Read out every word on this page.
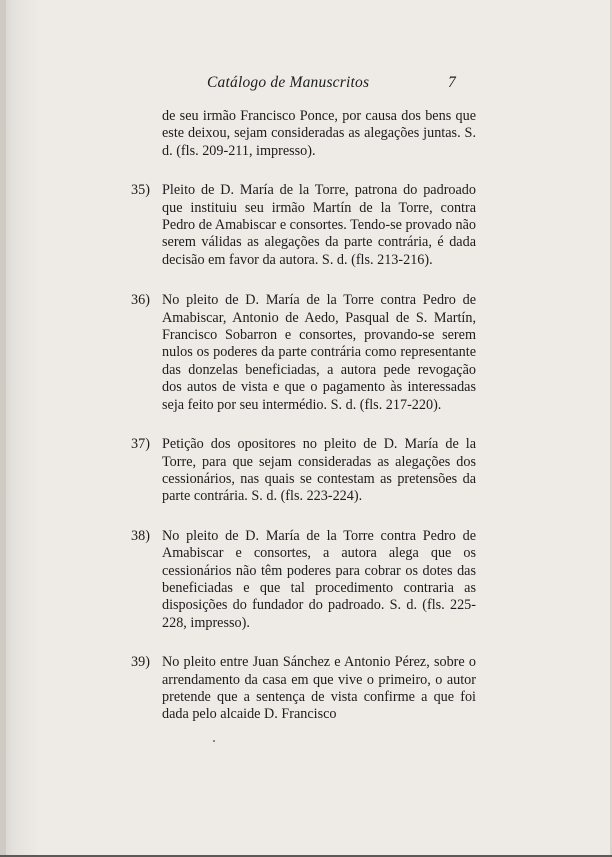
Catálogo de Manuscritos	7

de seu irmão Francisco Ponce, por causa dos bens que este deixou, sejam consideradas as alegações juntas. S. d. (fls. 209-211, impresso).

35) Pleito de D. María de la Torre, patrona do padroado que instituiu seu irmão Martín de la Torre, contra Pedro de Amabiscar e consortes. Tendo-se provado não serem válidas as alegações da parte contrária, é dada decisão em favor da autora. S. d. (fls. 213-216).

36) No pleito de D. María de la Torre contra Pedro de Amabiscar, Antonio de Aedo, Pasqual de S. Martín, Francisco Sobarron e consortes, provando-se serem nulos os poderes da parte contrária como representante das donzelas beneficiadas, a autora pede revogação dos autos de vista e que o pagamento às interessadas seja feito por seu intermédio. S. d. (fls. 217-220).

37) Petição dos opositores no pleito de D. María de la Torre, para que sejam consideradas as alegações dos cessionários, nas quais se contestam as pretensões da parte contrária. S. d. (fls. 223-224).

38) No pleito de D. María de la Torre contra Pedro de Amabiscar e consortes, a autora alega que os cessionários não têm poderes para cobrar os dotes das beneficiadas e que tal procedimento contraria as disposições do fundador do padroado. S. d. (fls. 225-228, impresso).

39) No pleito entre Juan Sánchez e Antonio Pérez, sobre o arrendamento da casa em que vive o primeiro, o autor pretende que a sentença de vista confirme a que foi dada pelo alcaide D. Francisco
